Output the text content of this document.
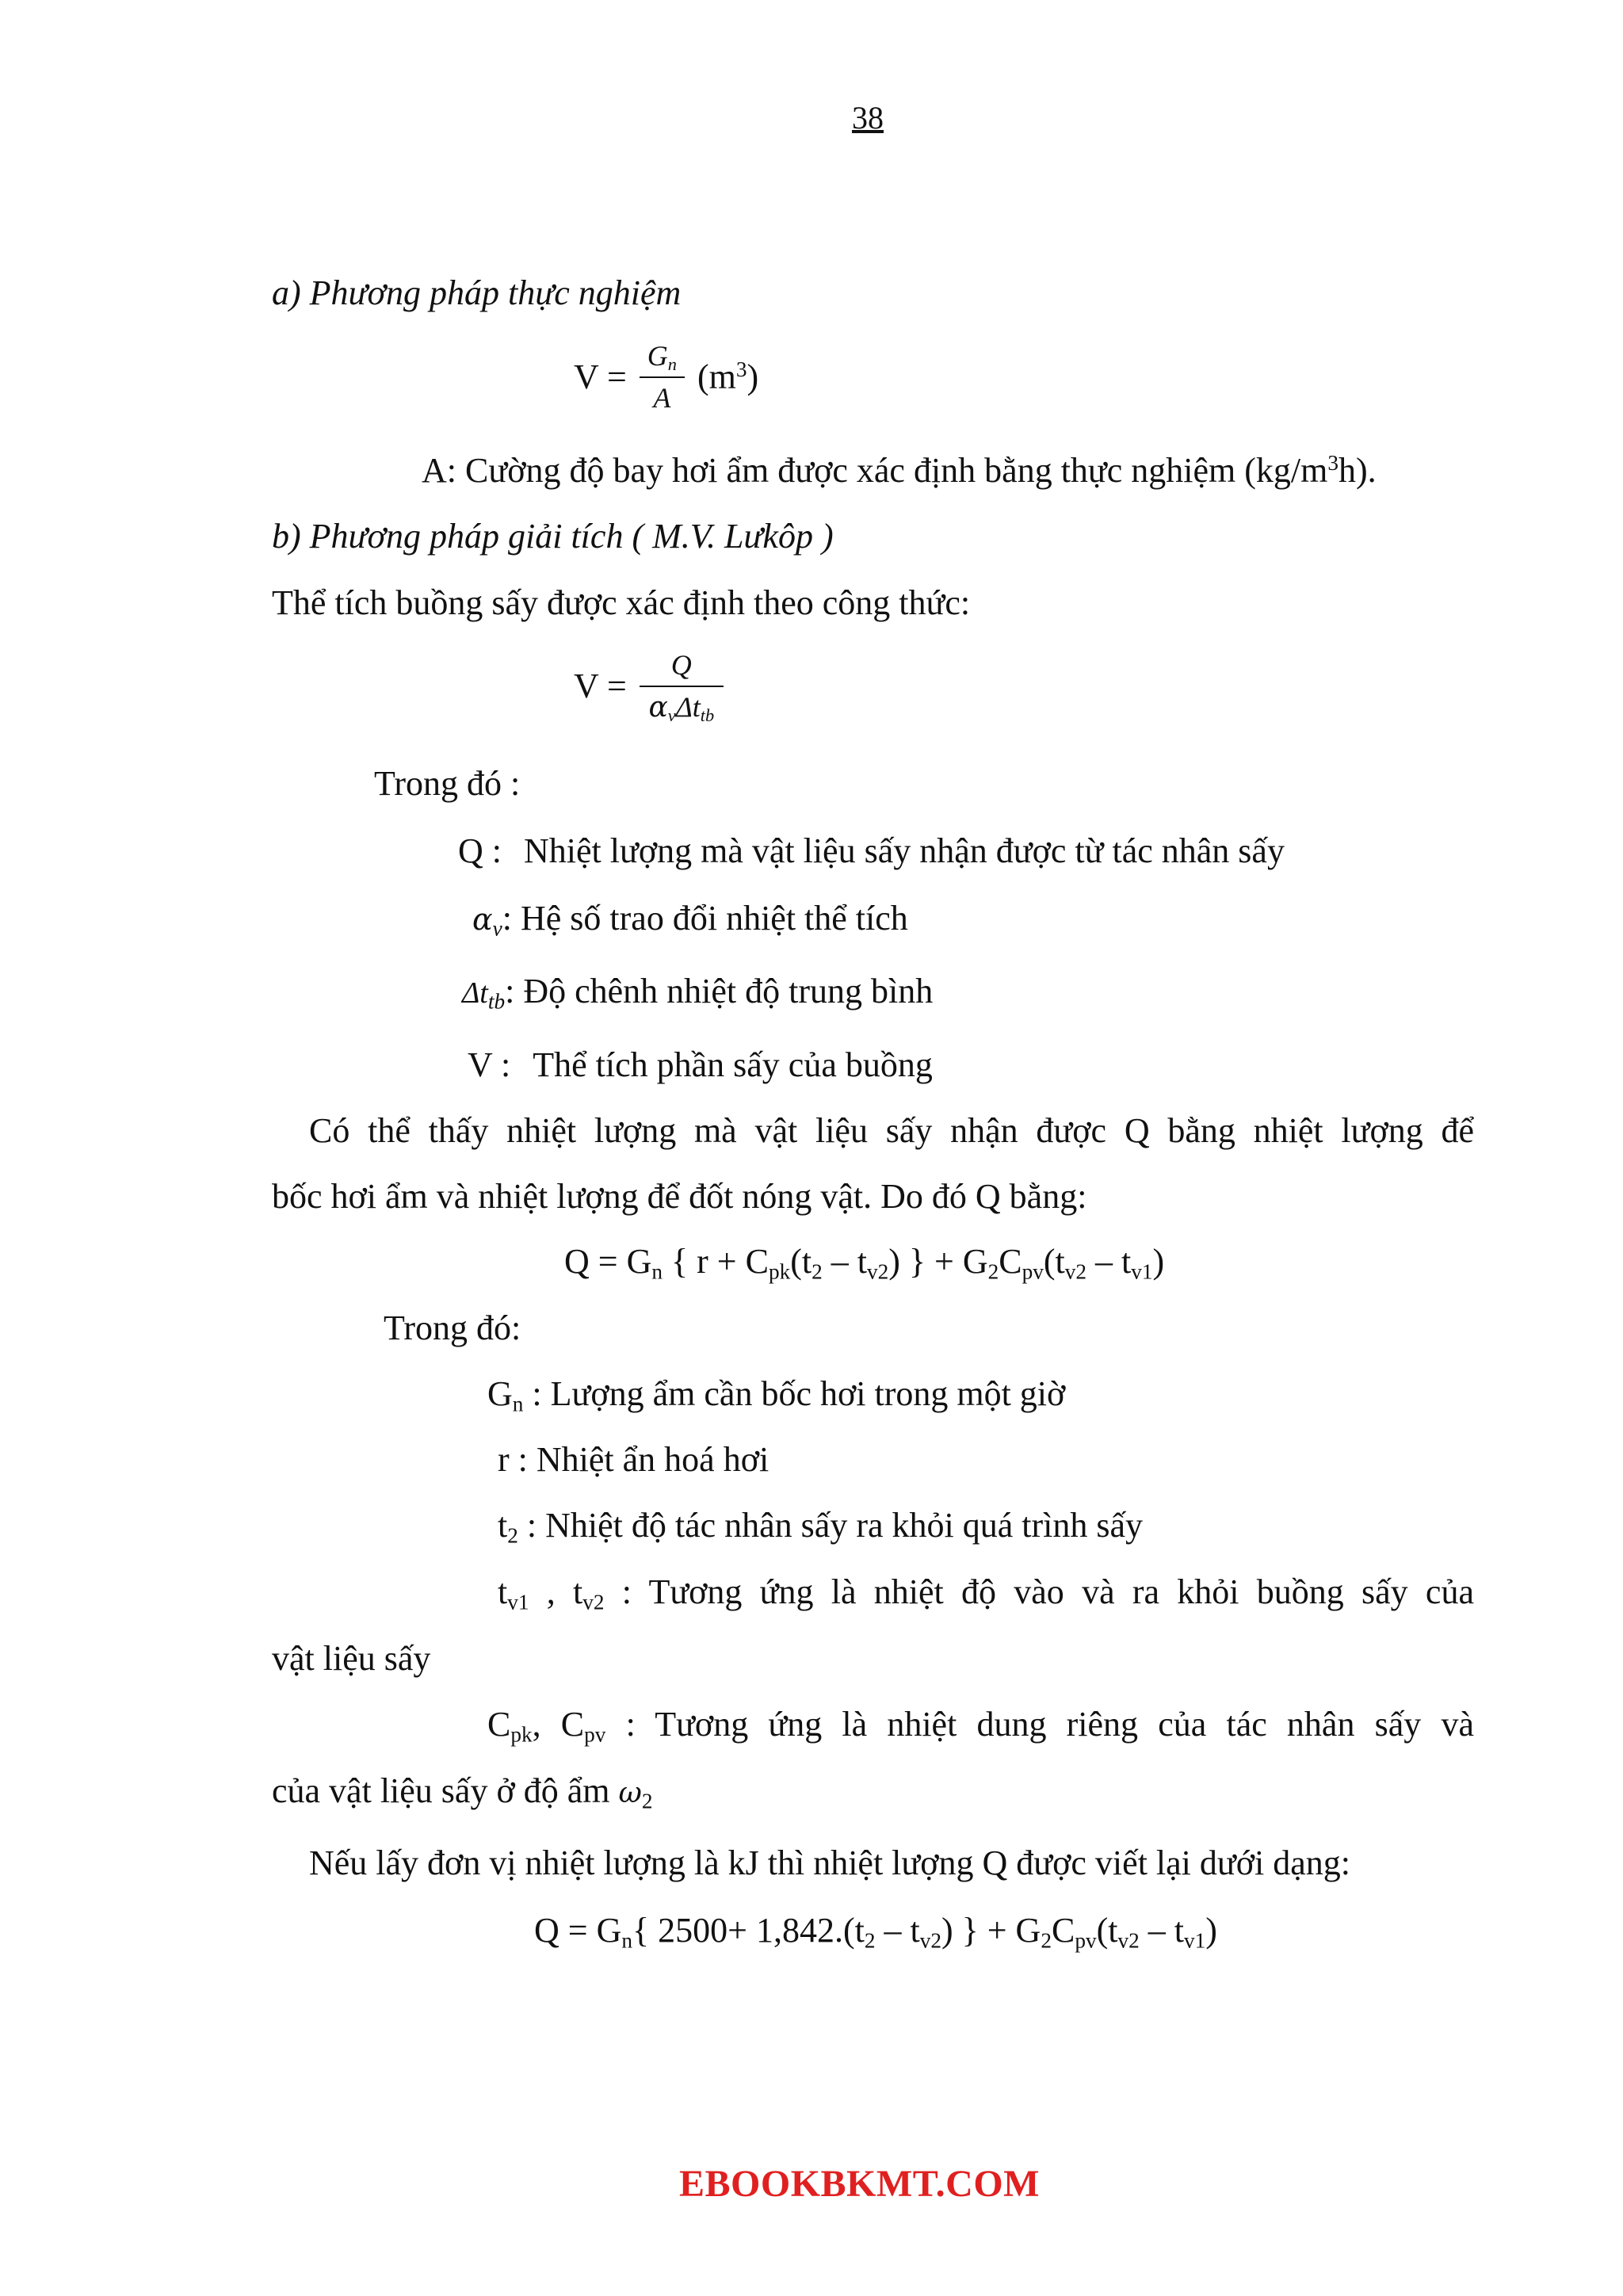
38
a) Phương pháp thực nghiệm
$V = \frac{G_n}{A} (m^3)$
A: Cường độ bay hơi ẩm được xác định bằng thực nghiệm $(kg/m^3h)$.
b) Phương pháp giải tích ( M.V. Lưkôp )
Thể tích buồng sấy được xác định theo công thức:
$V = \frac{Q}{\alpha_v\Delta t_{tb}}$
Trong đó :
Q : Nhiệt lượng mà vật liệu sấy nhận được từ tác nhân sấy
$\alpha_v$: Hệ số trao đổi nhiệt thể tích
$\Delta t_{tb}$: Độ chênh nhiệt độ trung bình
V : Thể tích phần sấy của buồng
Có thể thấy nhiệt lượng mà vật liệu sấy nhận được Q bằng nhiệt lượng để
bốc hơi ẩm và nhiệt lượng để đốt nóng vật. Do đó Q bằng:
$Q = G_n$ { $r + C_{pk}(t_2 - t_{v2})$ } + $G_2C_{pv}(t_{v2} - t_{v1})$
Trong đó:
$G_n$ : Lượng ẩm cần bốc hơi trong một giờ
r : Nhiệt ẩn hoá hơi
$t_2$ : Nhiệt độ tác nhân sấy ra khỏi quá trình sấy
$t_{v1}$ , $t_{v2}$ : Tương ứng là nhiệt độ vào và ra khỏi buồng sấy của
vật liệu sấy
$C_{pk}$, $C_{pv}$ : Tương ứng là nhiệt dung riêng của tác nhân sấy và
của vật liệu sấy ở độ ẩm $\omega_2$
Nếu lấy đơn vị nhiệt lượng là kJ thì nhiệt lượng Q được viết lại dưới dạng:
$Q = G_n${ $2500+ 1,842.(t_2 - t_{v2})$ } + $G_2C_{pv}(t_{v2} - t_{v1})$
EBOOKBKMT.COM
